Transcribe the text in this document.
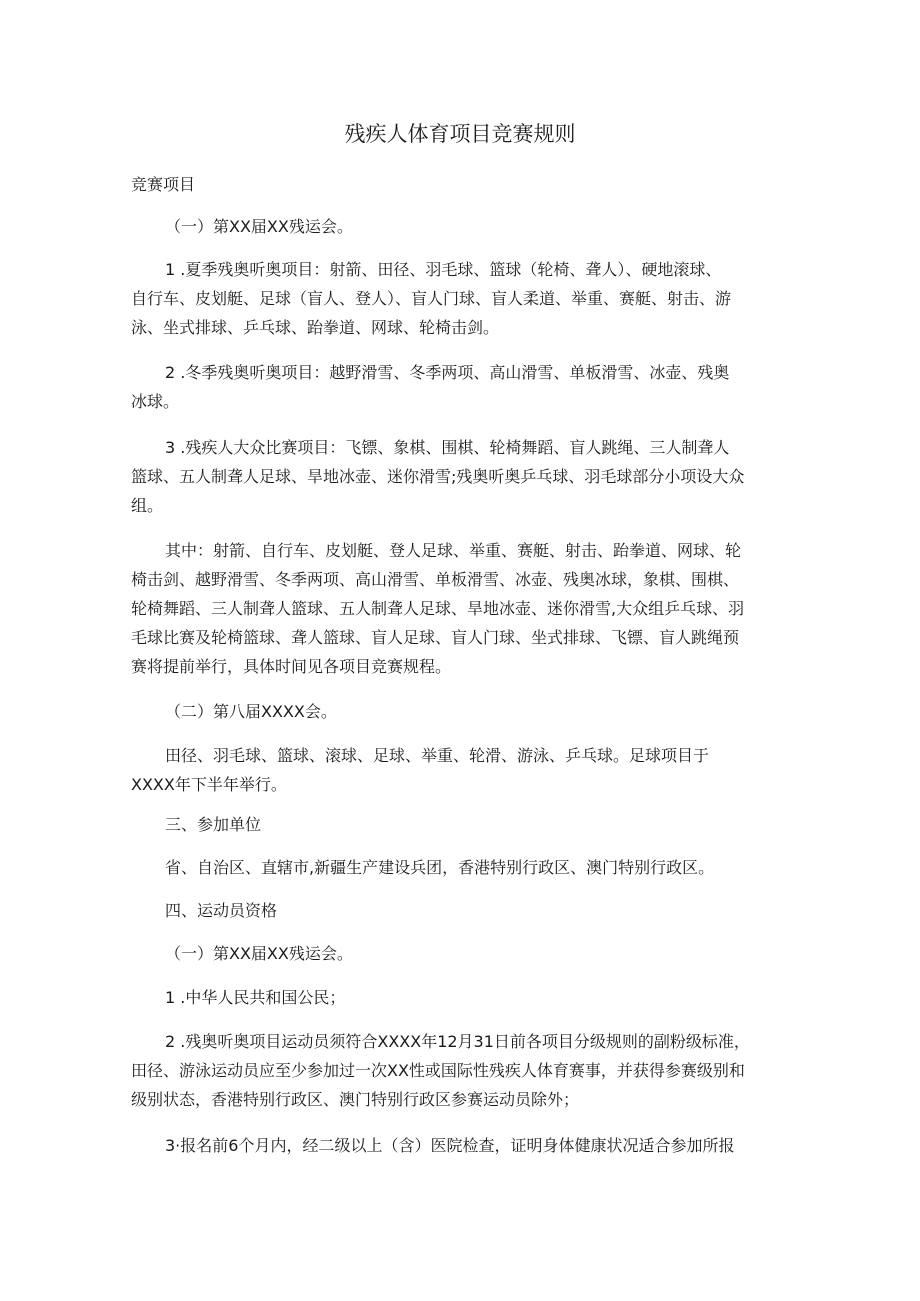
残疾人体育项目竞赛规则

竞赛项目

（一）第XX届XX残运会。

1 .夏季残奥听奥项目：射箭、田径、羽毛球、篮球（轮椅、聋人）、硬地滚球、
自行车、皮划艇、足球（盲人、登人）、盲人门球、盲人柔道、举重、赛艇、射击、游
泳、坐式排球、乒乓球、跆拳道、网球、轮椅击剑。

2 .冬季残奥听奥项目：越野滑雪、冬季两项、高山滑雪、单板滑雪、冰壶、残奥
冰球。

3 .残疾人大众比赛项目：飞镖、象棋、围棋、轮椅舞蹈、盲人跳绳、三人制聋人
篮球、五人制聋人足球、旱地冰壶、迷你滑雪;残奥听奥乒乓球、羽毛球部分小项设大众
组。

其中：射箭、自行车、皮划艇、登人足球、举重、赛艇、射击、跆拳道、网球、轮
椅击剑、越野滑雪、冬季两项、高山滑雪、单板滑雪、冰壶、残奥冰球，象棋、围棋、
轮椅舞蹈、三人制聋人篮球、五人制聋人足球、旱地冰壶、迷你滑雪,大众组乒乓球、羽
毛球比赛及轮椅篮球、聋人篮球、盲人足球、盲人门球、坐式排球、飞镖、盲人跳绳预
赛将提前举行，具体时间见各项目竞赛规程。

（二）第八届XXXX会。

田径、羽毛球、篮球、滚球、足球、举重、轮滑、游泳、乒乓球。足球项目于
XXXX年下半年举行。

三、参加单位

省、自治区、直辖市,新疆生产建设兵团，香港特别行政区、澳门特别行政区。

四、运动员资格

（一）第XX届XX残运会。

1 .中华人民共和国公民；

2 .残奥听奥项目运动员须符合XXXX年12月31日前各项目分级规则的副粉级标准，
田径、游泳运动员应至少参加过一次XX性或国际性残疾人体育赛事，并获得参赛级别和
级别状态，香港特别行政区、澳门特别行政区参赛运动员除外；

3·报名前6个月内，经二级以上（含）医院检查，证明身体健康状况适合参加所报
